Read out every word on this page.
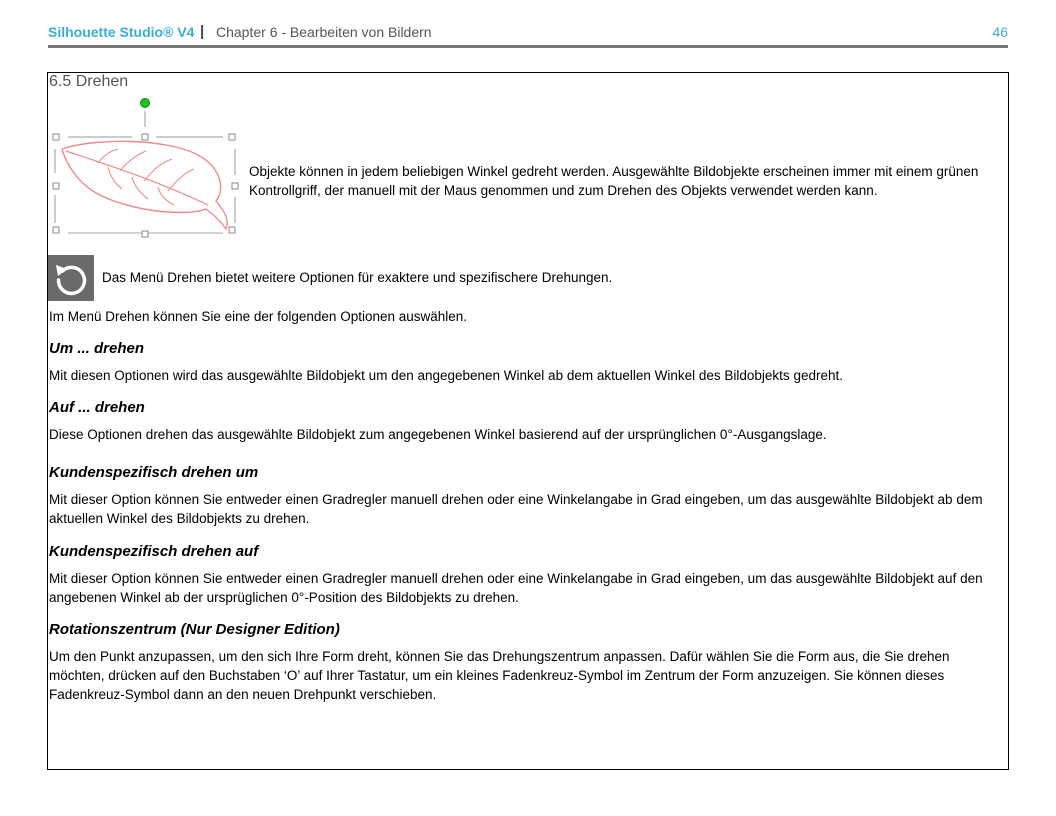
Silhouette Studio® V4 | Chapter 6 - Bearbeiten von Bildern	46
6.5 Drehen
Objekte können in jedem beliebigen Winkel gedreht werden. Ausgewählte Bildobjekte erscheinen immer mit einem grünen Kontrollgriff, der manuell mit der Maus genommen und zum Drehen des Objekts verwendet werden kann.
Das Menü Drehen bietet weitere Optionen für exaktere und spezifischere Drehungen.
Im Menü Drehen können Sie eine der folgenden Optionen auswählen.
Um ... drehen
Mit diesen Optionen wird das ausgewählte Bildobjekt um den angegebenen Winkel ab dem aktuellen Winkel des Bildobjekts gedreht.
Auf ... drehen
Diese Optionen drehen das ausgewählte Bildobjekt zum angegebenen Winkel basierend auf der ursprünglichen 0°-Ausgangslage.
Kundenspezifisch drehen um
Mit dieser Option können Sie entweder einen Gradregler manuell drehen oder eine Winkelangabe in Grad eingeben, um das ausgewählte Bildobjekt ab dem aktuellen Winkel des Bildobjekts zu drehen.
Kundenspezifisch drehen auf
Mit dieser Option können Sie entweder einen Gradregler manuell drehen oder eine Winkelangabe in Grad eingeben, um das ausgewählte Bildobjekt auf den angebenen Winkel ab der ursprüglichen 0°-Position des Bildobjekts zu drehen.
Rotationszentrum (Nur Designer Edition)
Um den Punkt anzupassen, um den sich Ihre Form dreht, können Sie das Drehungszentrum anpassen. Dafür wählen Sie die Form aus, die Sie drehen möchten, drücken auf den Buchstaben ‘O’ auf Ihrer Tastatur, um ein kleines Fadenkreuz-Symbol im Zentrum der Form anzuzeigen. Sie können dieses Fadenkreuz-Symbol dann an den neuen Drehpunkt verschieben.
